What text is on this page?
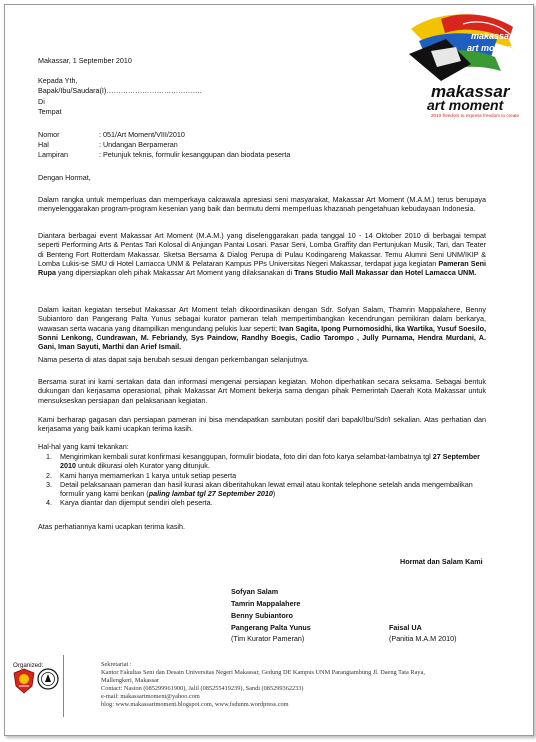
makassar
art moment
makassar
art moment
2010 freedom to express freedom to create
Makassar, 1 September 2010
Kepada Yth,
Bapak/Ibu/Saudara(I)………………………………….
Di
Tempat
Nomor	: 051/Art Moment/VIII/2010
Hal	: Undangan Berpameran
Lampiran	: Petunjuk teknis, formulir kesanggupan dan biodata peserta
Dengan Hormat,
Dalam rangka untuk memperluas dan memperkaya cakrawala apresiasi seni masyarakat, Makassar Art Moment (M.A.M.) terus berupaya menyelenggarakan program-program kesenian yang baik dan bermutu demi memperluas khazanah pengetahuan kebudayaan Indonesia.
Diantara berbagai event Makassar Art Moment (M.A.M.) yang diselenggarakan pada tanggal 10 - 14 Oktober 2010 di berbagai tempat seperti Performing Arts & Pentas Tari Kolosal di Anjungan Pantai Losari. Pasar Seni, Lomba Graffity dan Pertunjukan Musik, Tari, dan Teater di Benteng Fort Rotterdam Makassar. Sketsa Bersama & Dialog Perupa di Pulau Kodingareng Makassar. Temu Alumni Seni UNM/IKIP & Lomba Lukis-se SMU di Hotel Lamacca UNM & Pelataran Kampus PPs Universitas Negeri Makassar, terdapat juga kegiatan Pameran Seni Rupa yang dipersiapkan oleh pihak Makassar Art Moment yang dilaksanakan di Trans Studio Mall Makassar dan Hotel Lamacca UNM.
Dalam kaitan kegiatan tersebut Makassar Art Moment telah dikoordinasikan dengan Sdr. Sofyan Salam, Thamrin Mappalahere, Benny Subiantoro dan Pangerang Palta Yunus sebagai kurator pameran telah mempertimbangkan kecendrungan pemikiran dalam berkarya, wawasan serta wacana yang ditampilkan mengundang pelukis luar seperti; Ivan Sagita, Ipong Purnomosidhi, Ika Wartika, Yusuf Soesilo, Sonni Lenkong, Cundrawan, M. Febriandy, Sys Paindow, Randhy Boegis, Cadio Tarompo , Jully Purnama, Hendra Murdani, A. Gani, Iman Sayuti, Marthi dan Arief Ismail.
Nama peserta di atas dapat saja berubah sesuai dengan perkembangan selanjutnya.
Bersama surat ini kami sertakan data dan informasi mengenai persiapan kegiatan. Mohon diperhatikan secara seksama. Sebagai bentuk dukungan dan kerjasama operasional, pihak Makassar Art Moment bekerja sama dengan pihak Pemerintah Daerah Kota Makassar untuk mensukseskan persiapan dan pelaksanaan kegiatan.
Kami berharap gagasan dan persiapan pameran ini bisa mendapatkan sambutan positif dari bapak/Ibu/Sdr/I sekalian. Atas perhatian dan kerjasama yang baik kami ucapkan terima kasih.
Hal-hal yang kami tekankan:
1. Mengirimkan kembali surat konfirmasi kesanggupan, formulir biodata, foto diri dan foto karya selambat-lambatnya tgl 27 September 2010 untuk dikurasi oleh Kurator yang ditunjuk.
2. Kami hanya memamerkan 1 karya untuk setiap peserta
3. Detail pelaksanaan pameran dan hasil kurasi akan diberitahukan lewat email atau kontak telephone setelah anda mengembalikan formulir yang kami berikan (paling lambat tgl 27 September 2010)
4. Karya diantar dan dijemput sendiri oleh peserta.
Atas perhatiannya kami ucapkan terima kasih.
Hormat dan Salam Kami
Sofyan Salam
Tamrin Mappalahere
Benny Subiantoro
Pangerang Palta Yunus
(Tim Kurator Pameran)
Faisal UA
(Panitia M.A.M 2010)
Organized:	Sekretariat :
Kantor Fakultas Seni dan Desain Universitas Negeri Makassar, Gedung DE Kampus UNM Parangtambung Jl. Daeng Tata Raya,
Mallengkeri, Makassar
Contact: Naston (085299961900), Jalil (085255419239), Sandi (085299362233)
e-mail: makassartmoment@yahoo.com
blog: www.makassartmoment.blogspot.com, www.fsdunm.wordpress.com
